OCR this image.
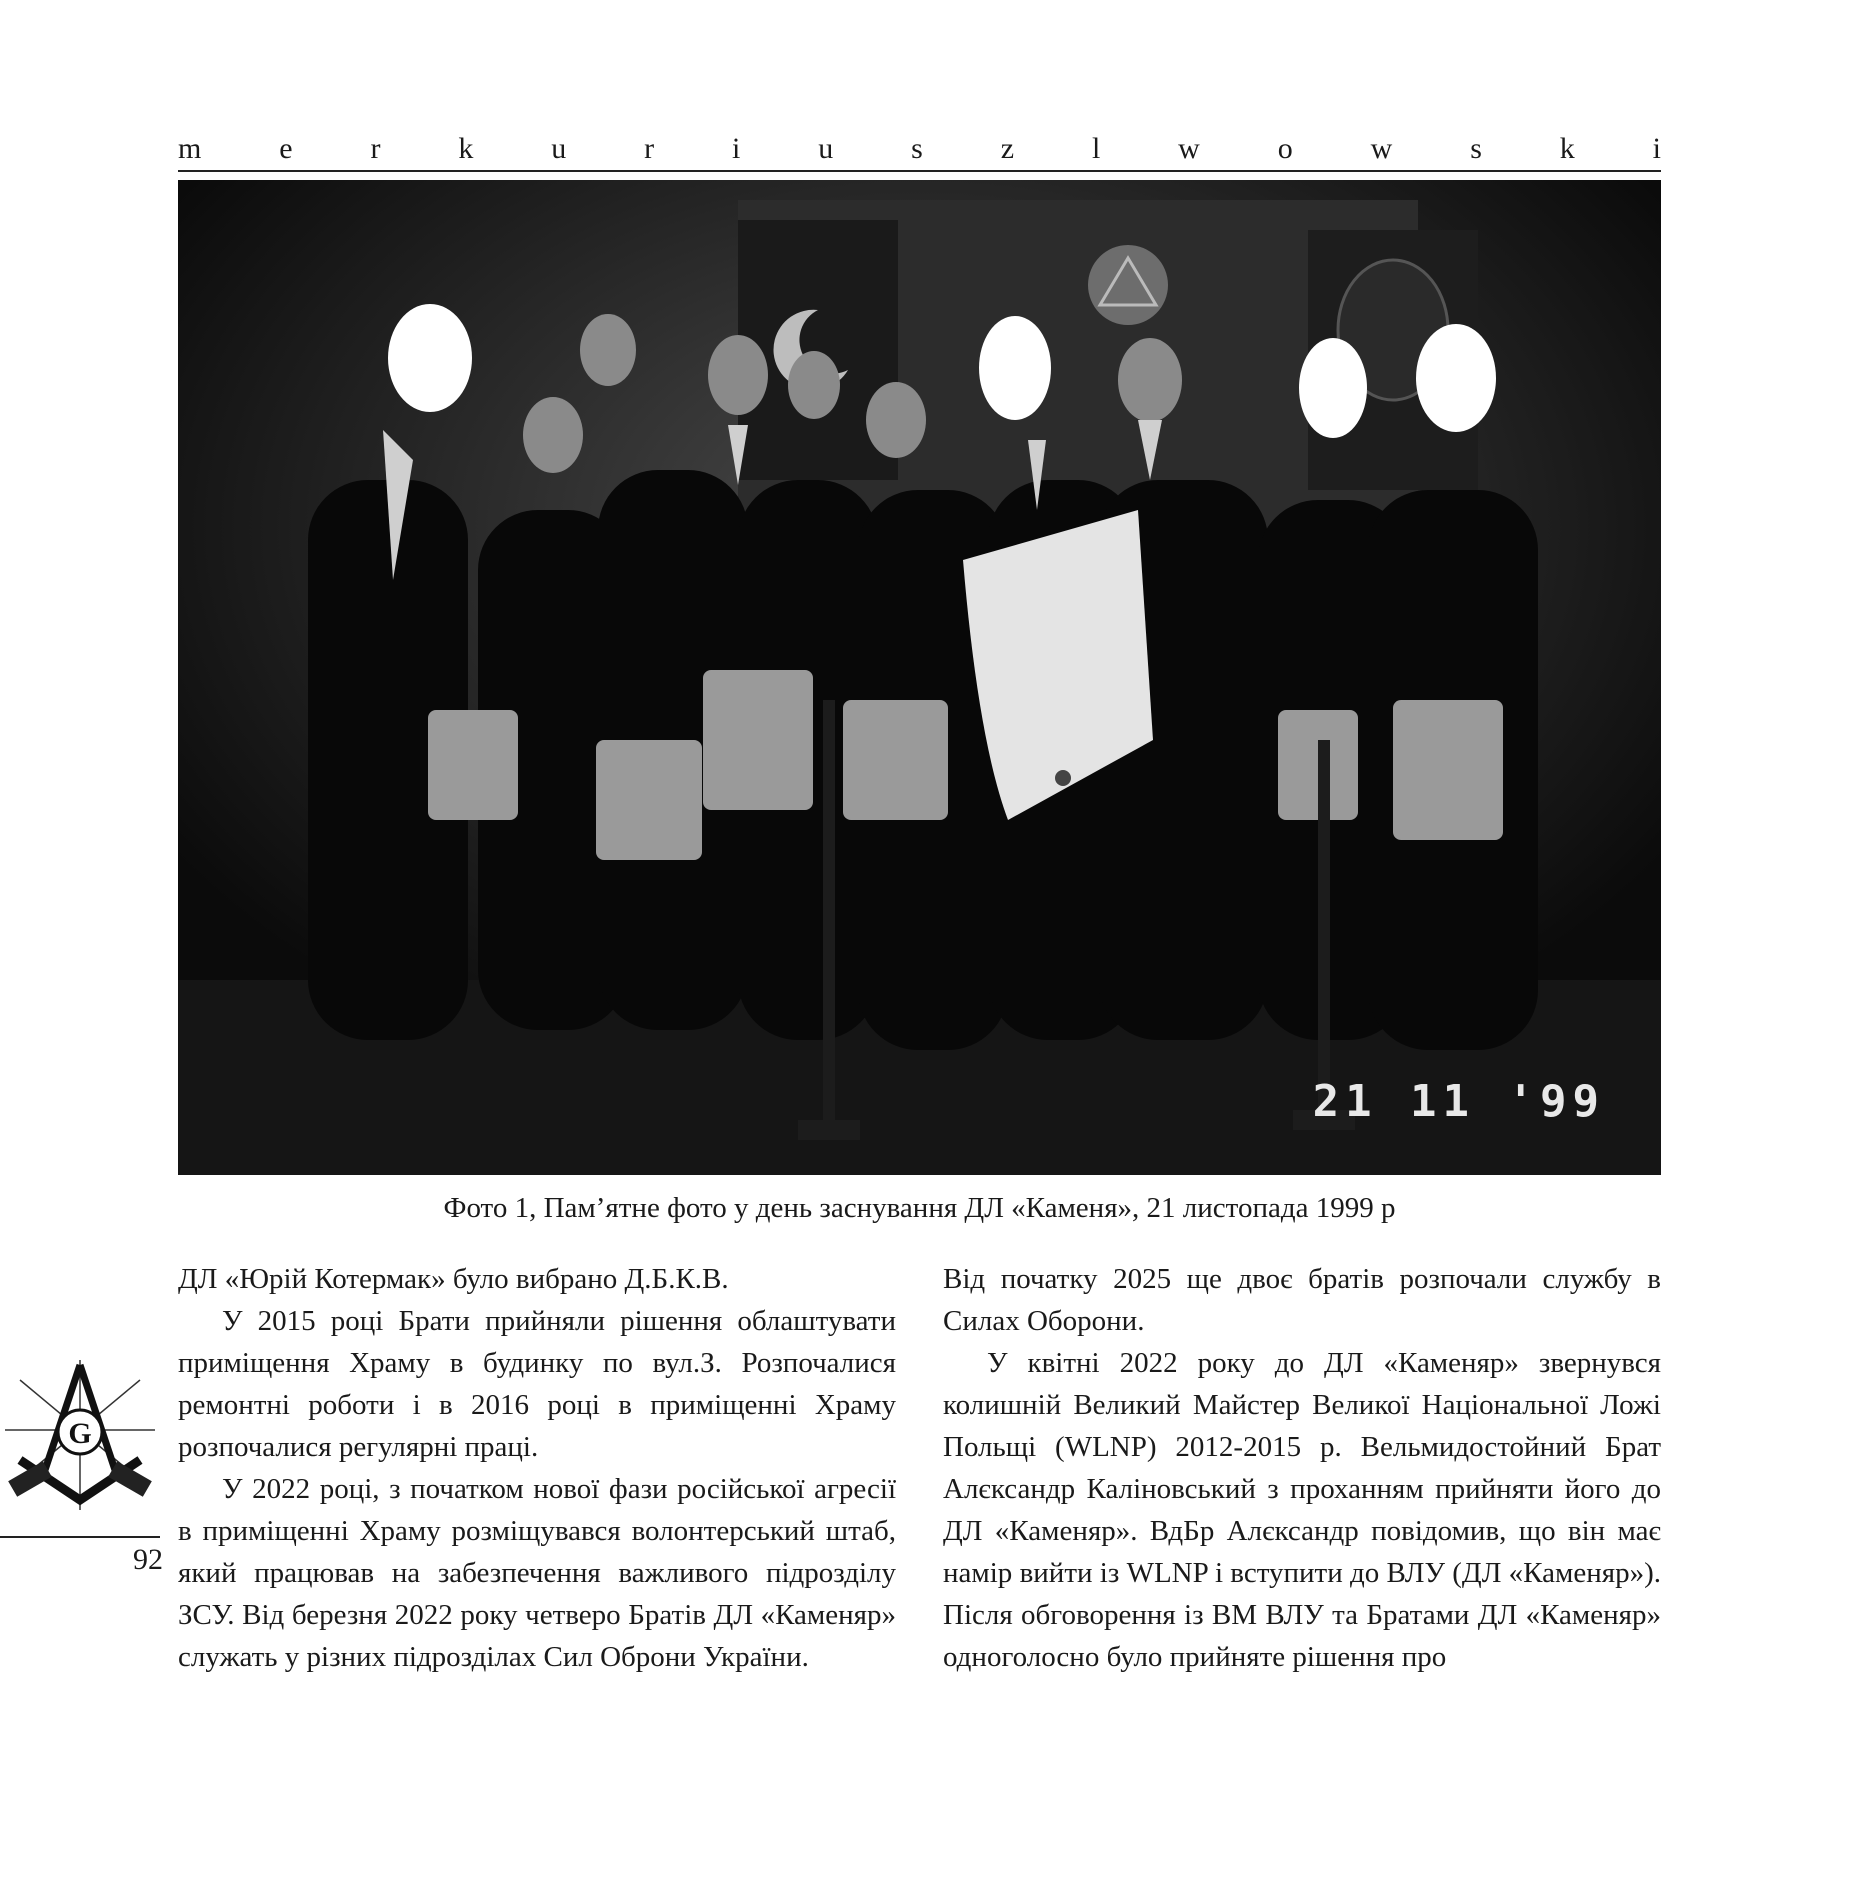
m	e	r	k	u	r	i	u	s	z	l	w	o	w	s	k	i
21 11 '99
Фото 1, Пам’ятне фото у день заснування ДЛ «Каменя», 21 листопада 1999 р

ДЛ «Юрій Котермак» було вибрано Д.Б.К.В.

У 2015 році Брати прийняли рішення облаштувати приміщення Храму в будинку по вул.З. Розпочалися ремонтні роботи і в 2016 році в приміщенні Храму розпочалися регулярні праці.

У 2022 році, з початком нової фази російської агресії в приміщенні Храму розміщувався волонтерський штаб, який працював на забезпечення важливого підрозділу ЗСУ. Від березня 2022 року четверо Братів ДЛ «Каменяр» служать у різних підрозділах Сил Оброни України.

Від початку 2025 ще двоє братів розпочали службу в Силах Оборони.

У квітні 2022 року до ДЛ «Каменяр» звернувся колишній Великий Майстер Великої Національної Ложі Польщі (WLNP) 2012-2015 р. Вельмидостойний Брат Алєксандр Каліновський з проханням прийняти його до ДЛ «Каменяр». ВдБр Алєксандр повідомив, що він має намір вийти із WLNP і вступити до ВЛУ (ДЛ «Каменяр»). Після обговорення із ВМ ВЛУ та Братами ДЛ «Каменяр» одноголосно було прийняте рішення про

G
92
